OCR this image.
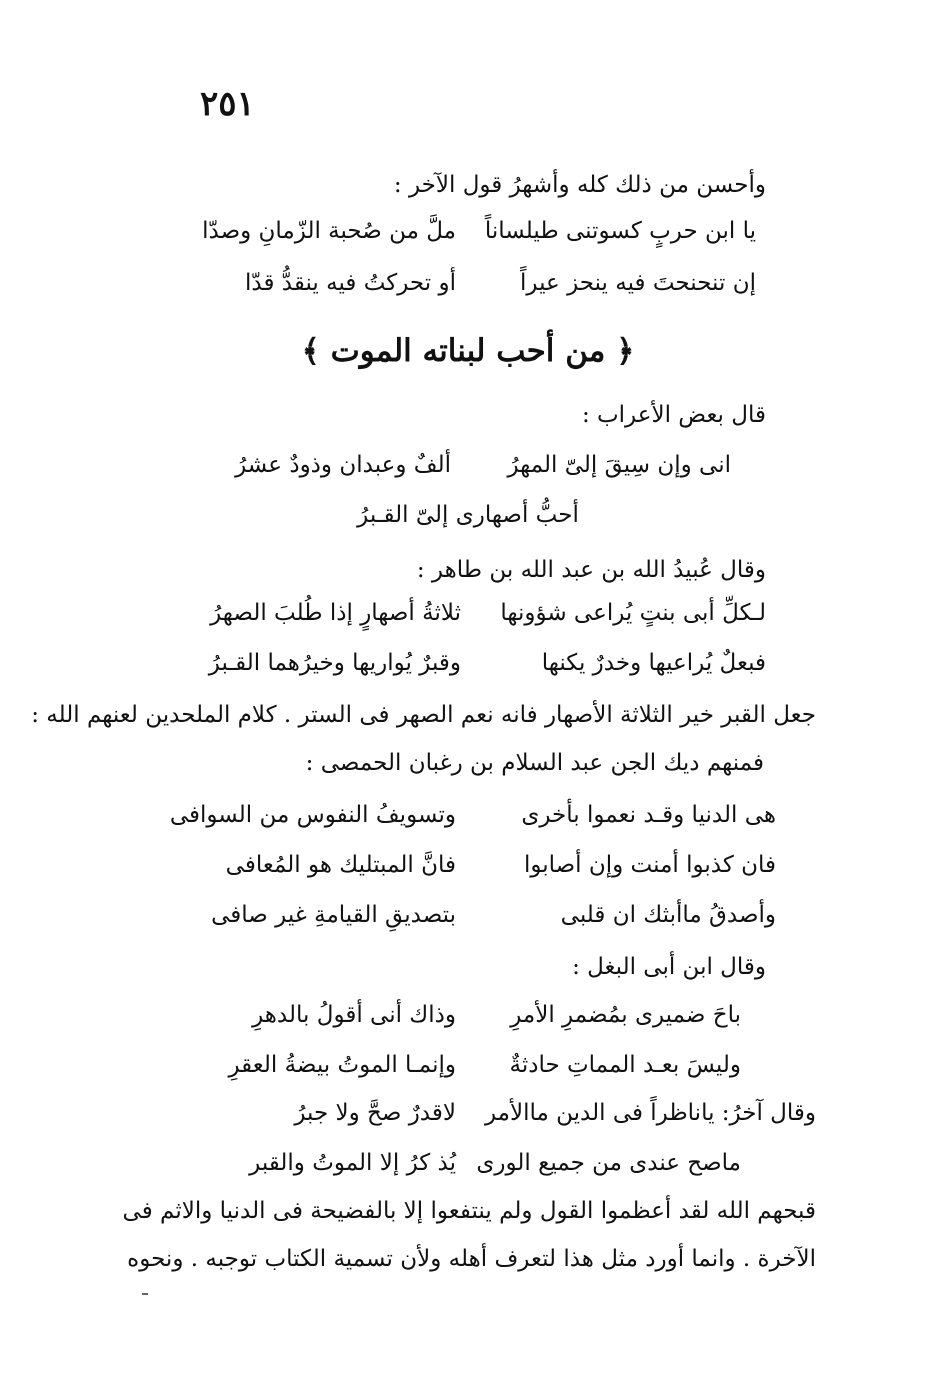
٢٥١
وأحسن من ذلك كله وأشهرُ قول الآخر :
يا ابن حربٍ كسوتنى طيلساناً
ملَّ من صُحبة الزّمانِ وصدّا
إن تنحنحتَ فيه ينحز عيراً
أو تحركتُ فيه ينقدُّ قدّا
﴿ من أحب لبناته الموت ﴾
قال بعض الأعراب :
انى وإن سِيقَ إلىّ المهرُ
ألفٌ وعبدان وذودٌ عشرُ
أحبُّ أصهارى إلىّ القـبرُ
وقال عُبيدُ الله بن عبد الله بن طاهر :
لـكلِّ أبى بنتٍ يُراعى شؤونها
ثلاثةُ أصهارٍ إذا طُلبَ الصهرُ
فبعلٌ يُراعيها وخدرٌ يكنها
وقبرٌ يُواريها وخيرُهما القـبرُ
جعل القبر خير الثلاثة الأصهار فانه نعم الصهر فى الستر . كلام الملحدين لعنهم الله :
فمنهم ديك الجن عبد السلام بن رغبان الحمصى :
هى الدنيا وقـد نعموا بأخرى
وتسويفُ النفوس من السوافى
فان كذبوا أمنت وإن أصابوا
فانَّ المبتليك هو المُعافى
وأصدقُ ماأبثك ان قلبى
بتصديقِ القيامةِ غير صافى
وقال ابن أبى البغل :
باحَ ضميرى بمُضمرِ الأمرِ
وذاك أنى أقولُ بالدهرِ
وليسَ بعـد المماتِ حادثةٌ
وإنمـا الموتُ بيضةُ العقرِ
وقال آخرُ: ياناظراً فى الدين ماالأمر
لاقدرٌ صحَّ ولا جبرُ
ماصح عندى من جميع الورى
يُذ كرُ إلا الموتُ والقبر
قبحهم الله لقد أعظموا القول ولم ينتفعوا إلا بالفضيحة فى الدنيا والاثم فى
الآخرة . وانما أورد مثل هذا لتعرف أهله ولأن تسمية الكتاب توجبه . ونحوه
